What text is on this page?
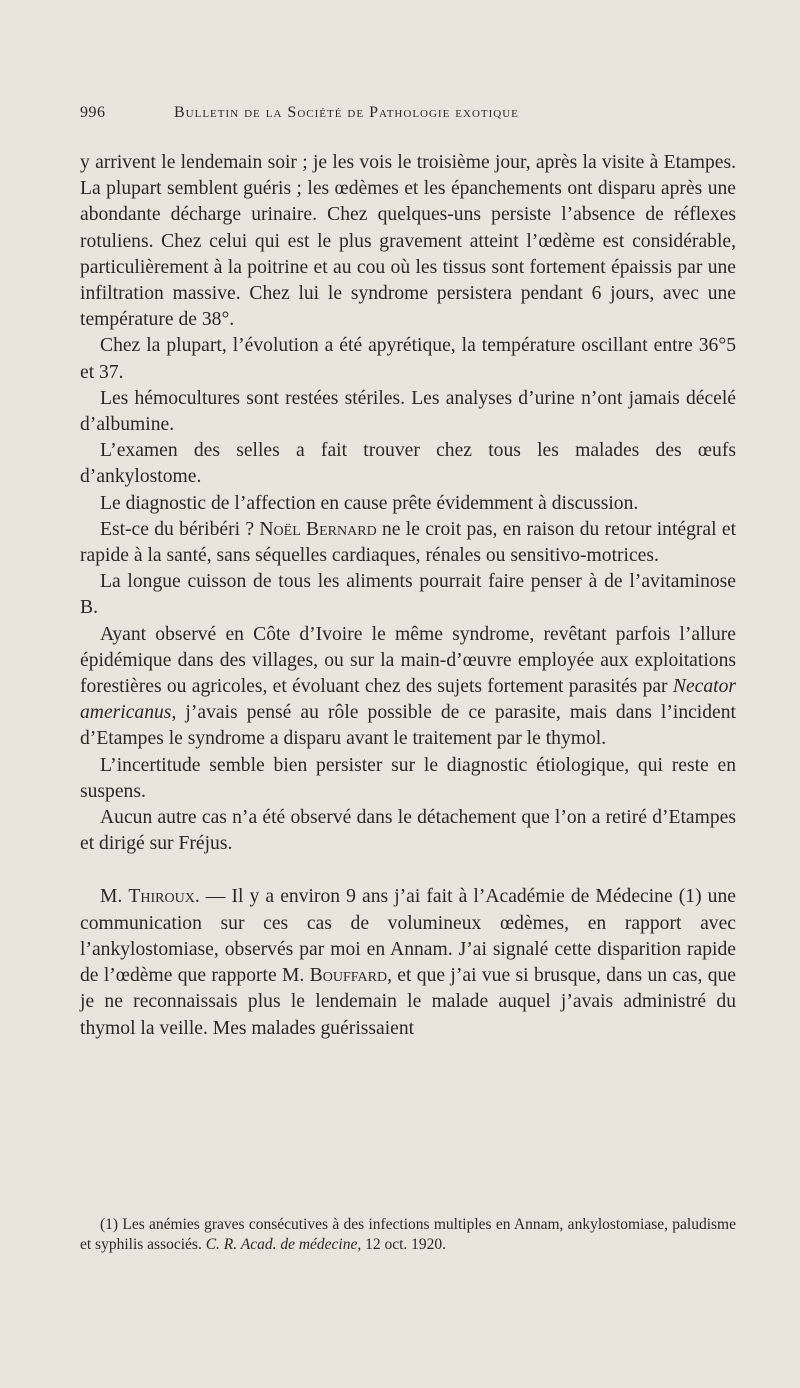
996	Bulletin de la Société de Pathologie exotique

y arrivent le lendemain soir ; je les vois le troisième jour, après la visite à Etampes. La plupart semblent guéris ; les œdèmes et les épanchements ont disparu après une abondante décharge urinaire. Chez quelques-uns persiste l’absence de réflexes rotuliens. Chez celui qui est le plus gravement atteint l’œdème est considérable, particulièrement à la poitrine et au cou où les tissus sont fortement épaissis par une infiltration massive. Chez lui le syndrome persistera pendant 6 jours, avec une température de 38°.

Chez la plupart, l’évolution a été apyrétique, la température oscillant entre 36°5 et 37.

Les hémocultures sont restées stériles. Les analyses d’urine n’ont jamais décelé d’albumine.

L’examen des selles a fait trouver chez tous les malades des œufs d’ankylostome.

Le diagnostic de l’affection en cause prête évidemment à discussion.

Est-ce du béribéri ? Noël Bernard ne le croit pas, en raison du retour intégral et rapide à la santé, sans séquelles cardiaques, rénales ou sensitivo-motrices.

La longue cuisson de tous les aliments pourrait faire penser à de l’avitaminose B.

Ayant observé en Côte d’Ivoire le même syndrome, revêtant parfois l’allure épidémique dans des villages, ou sur la main-d’œuvre employée aux exploitations forestières ou agricoles, et évoluant chez des sujets fortement parasités par Necator americanus, j’avais pensé au rôle possible de ce parasite, mais dans l’incident d’Etampes le syndrome a disparu avant le traitement par le thymol.

L’incertitude semble bien persister sur le diagnostic étiologique, qui reste en suspens.

Aucun autre cas n’a été observé dans le détachement que l’on a retiré d’Etampes et dirigé sur Fréjus.

M. Thiroux. — Il y a environ 9 ans j’ai fait à l’Académie de Médecine (1) une communication sur ces cas de volumineux œdèmes, en rapport avec l’ankylostomiase, observés par moi en Annam. J’ai signalé cette disparition rapide de l’œdème que rapporte M. Bouffard, et que j’ai vue si brusque, dans un cas, que je ne reconnaissais plus le lendemain le malade auquel j’avais administré du thymol la veille. Mes malades guérissaient

(1) Les anémies graves consécutives à des infections multiples en Annam, ankylostomiase, paludisme et syphilis associés. C. R. Acad. de médecine, 12 oct. 1920.
